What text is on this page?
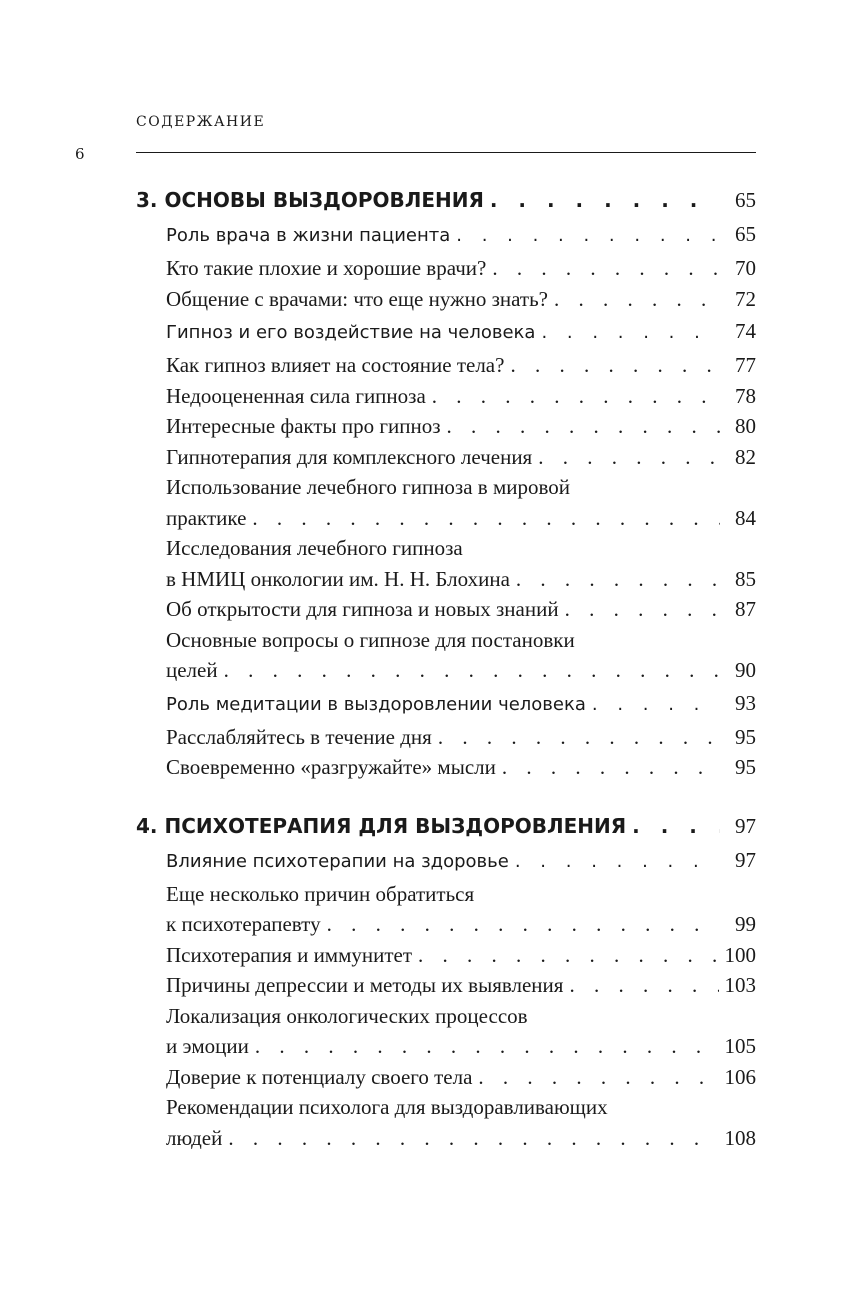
СОДЕРЖАНИЕ
6
3. ОСНОВЫ ВЫЗДОРОВЛЕНИЯ . . .	65
Роль врача в жизни пациента . . .	65
Кто такие плохие и хорошие врачи? . . .	70
Общение с врачами: что еще нужно знать? . . .	72
Гипноз и его воздействие на человека . . .	74
Как гипноз влияет на состояние тела? . . .	77
Недооцененная сила гипноза . . .	78
Интересные факты про гипноз . . .	80
Гипнотерапия для комплексного лечения . . .	82
Использование лечебного гипноза в мировой
практике . . .	84
Исследования лечебного гипноза
в НМИЦ онкологии им. Н. Н. Блохина . . .	85
Об открытости для гипноза и новых знаний . . .	87
Основные вопросы о гипнозе для постановки
целей . . .	90
Роль медитации в выздоровлении человека . . .	93
Расслабляйтесь в течение дня . . .	95
Своевременно «разгружайте» мысли . . .	95
4. ПСИХОТЕРАПИЯ ДЛЯ ВЫЗДОРОВЛЕНИЯ . . .	97
Влияние психотерапии на здоровье . . .	97
Еще несколько причин обратиться
к психотерапевту . . .	99
Психотерапия и иммунитет . . .	100
Причины депрессии и методы их выявления . . .	103
Локализация онкологических процессов
и эмоции . . .	105
Доверие к потенциалу своего тела . . .	106
Рекомендации психолога для выздоравливающих
людей . . .	108
